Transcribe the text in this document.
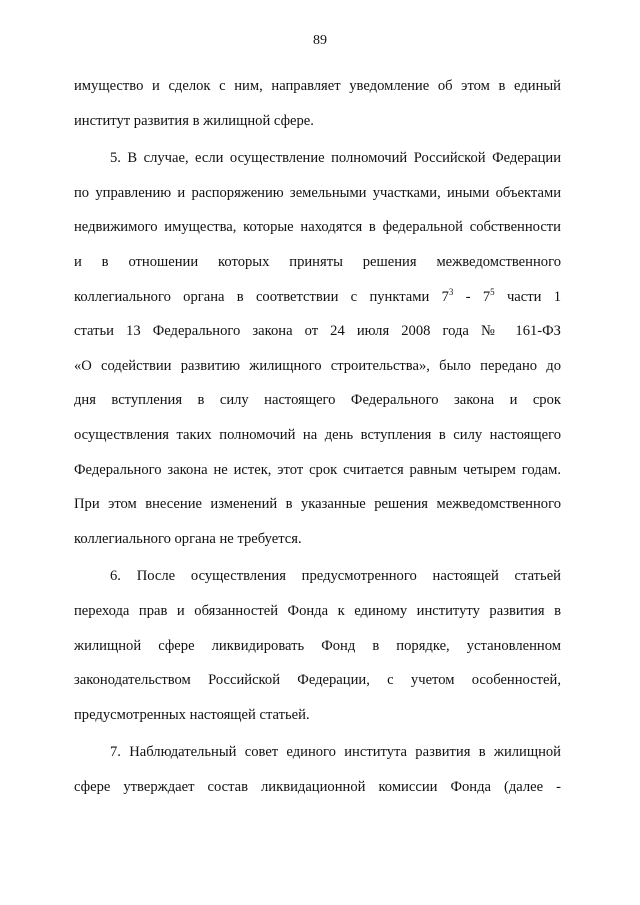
89
имущество и сделок с ним, направляет уведомление об этом в единый
институт развития в жилищной сфере.
5. В случае, если осуществление полномочий Российской Федерации
по управлению и распоряжению земельными участками, иными объектами
недвижимого имущества, которые находятся в федеральной собственности
и в отношении которых приняты решения межведомственного
коллегиального органа в соответствии с пунктами $7^3 - 7^5$ части 1
статьи 13 Федерального закона от 24 июля 2008 года № 161-ФЗ
«О содействии развитию жилищного строительства», было передано до
дня вступления в силу настоящего Федерального закона и срок
осуществления таких полномочий на день вступления в силу настоящего
Федерального закона не истек, этот срок считается равным четырем годам.
При этом внесение изменений в указанные решения межведомственного
коллегиального органа не требуется.
6. После осуществления предусмотренного настоящей статьей
перехода прав и обязанностей Фонда к единому институту развития в
жилищной сфере ликвидировать Фонд в порядке, установленном
законодательством Российской Федерации, с учетом особенностей,
предусмотренных настоящей статьей.
7. Наблюдательный совет единого института развития в жилищной
сфере утверждает состав ликвидационной комиссии Фонда (далее -
